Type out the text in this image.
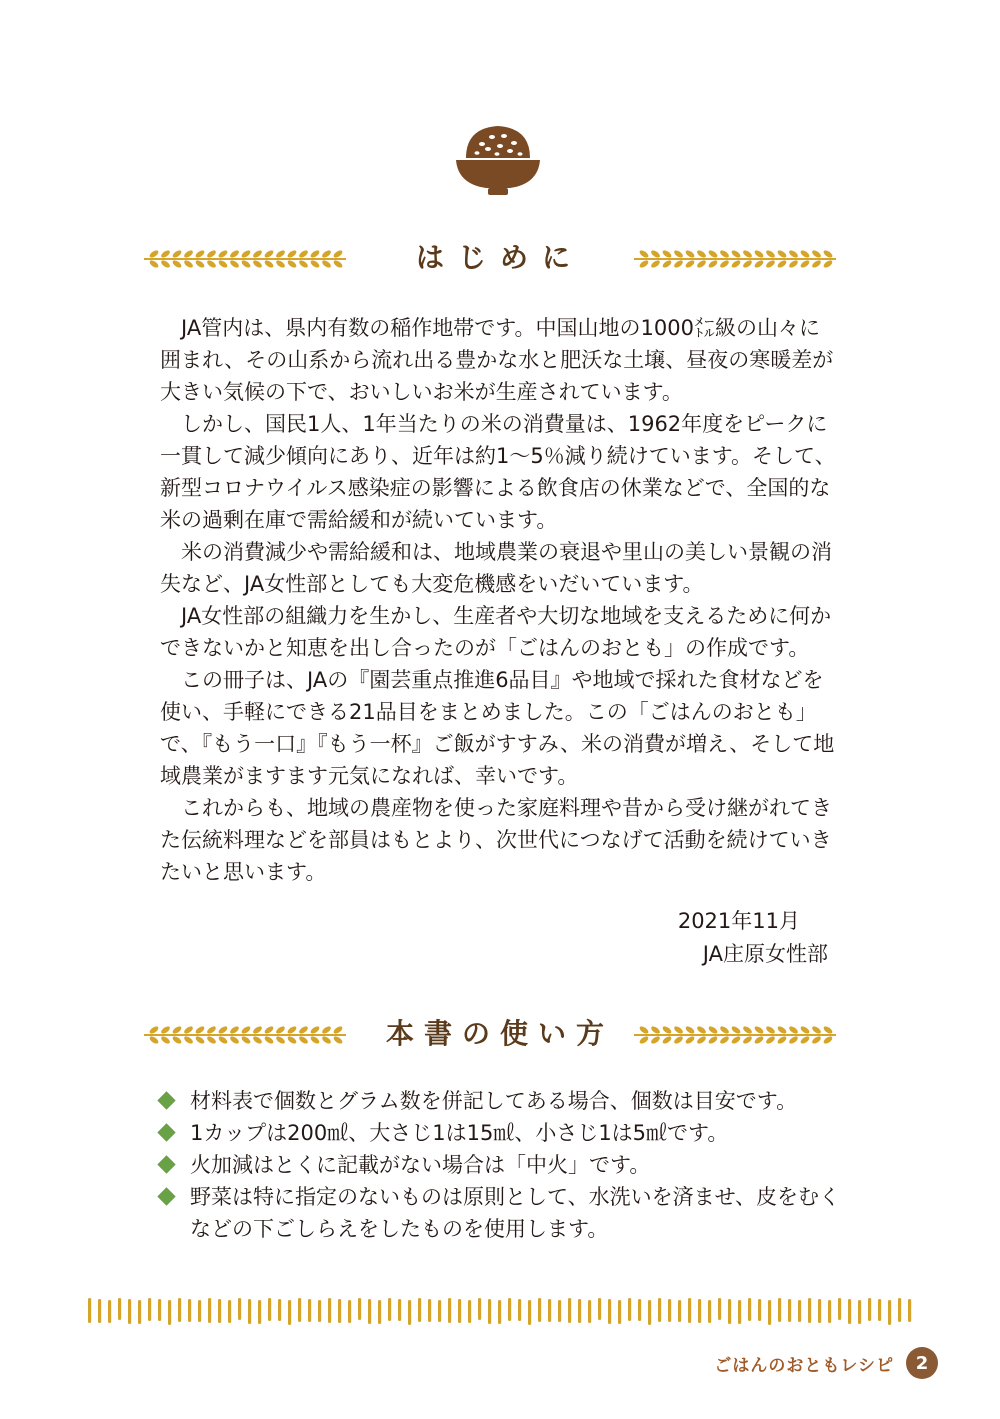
はじめに

JA管内は、県内有数の稲作地帯です。中国山地の1000㍍級の山々に囲まれ、その山系から流れ出る豊かな水と肥沃な土壌、昼夜の寒暖差が大きい気候の下で、おいしいお米が生産されています。

しかし、国民1人、1年当たりの米の消費量は、1962年度をピークに一貫して減少傾向にあり、近年は約1〜5％減り続けています。そして、新型コロナウイルス感染症の影響による飲食店の休業などで、全国的な米の過剰在庫で需給緩和が続いています。

米の消費減少や需給緩和は、地域農業の衰退や里山の美しい景観の消失など、JA女性部としても大変危機感をいだいています。

JA女性部の組織力を生かし、生産者や大切な地域を支えるために何かできないかと知恵を出し合ったのが「ごはんのおとも」の作成です。

この冊子は、JAの『園芸重点推進6品目』や地域で採れた食材などを使い、手軽にできる21品目をまとめました。この「ごはんのおとも」で、『もう一口』『もう一杯』ご飯がすすみ、米の消費が増え、そして地域農業がますます元気になれば、幸いです。

これからも、地域の農産物を使った家庭料理や昔から受け継がれてきた伝統料理などを部員はもとより、次世代につなげて活動を続けていきたいと思います。

2021年11月
JA庄原女性部
本書の使い方
材料表で個数とグラム数を併記してある場合、個数は目安です。
1カップは200㎖、大さじ1は15㎖、小さじ1は5㎖です。
火加減はとくに記載がない場合は「中火」です。
野菜は特に指定のないものは原則として、水洗いを済ませ、皮をむくなどの下ごしらえをしたものを使用します。
ごはんのおともレシピ	2
